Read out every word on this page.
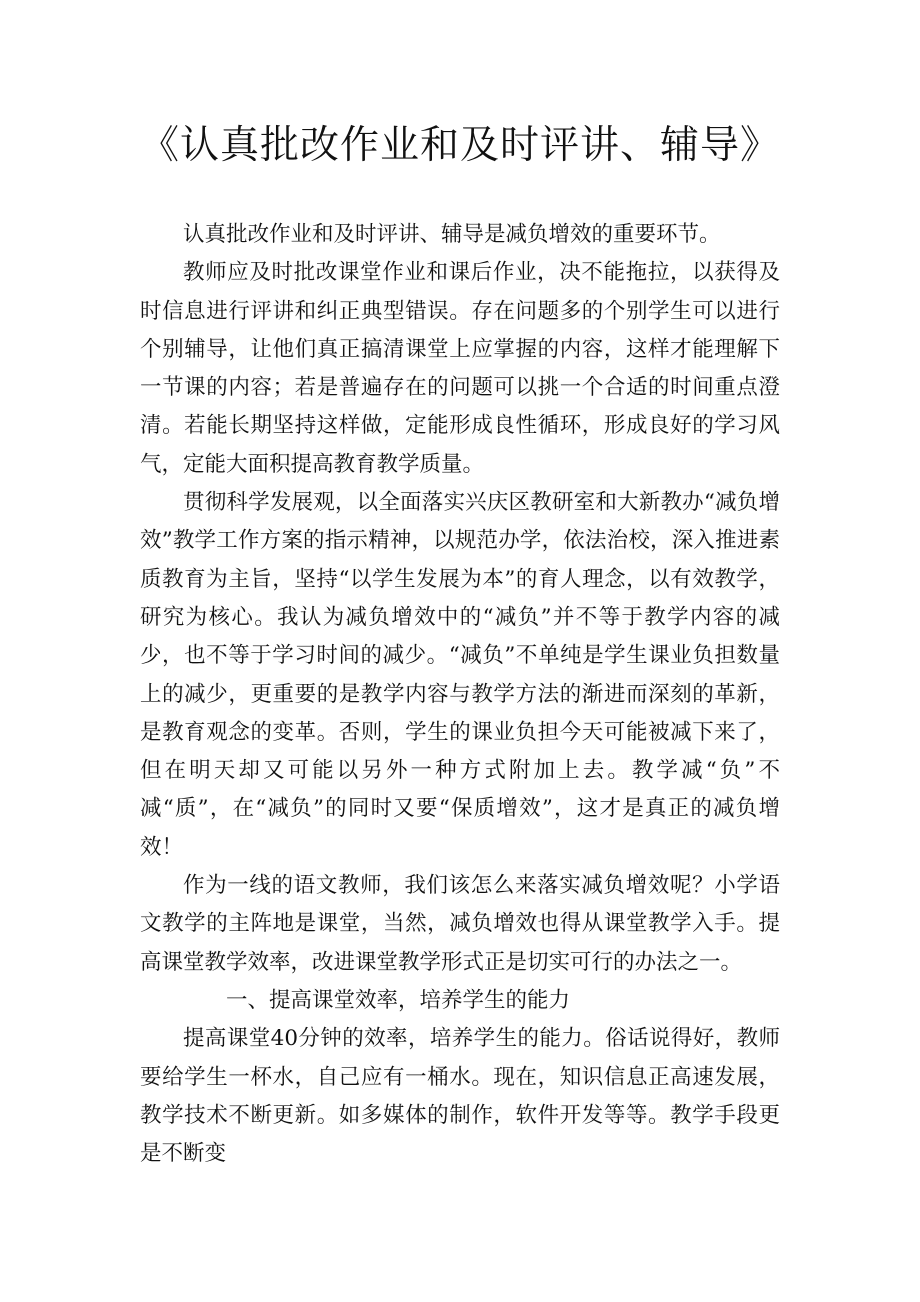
《认真批改作业和及时评讲、辅导》

认真批改作业和及时评讲、辅导是减负增效的重要环节。

教师应及时批改课堂作业和课后作业，决不能拖拉，以获得及时信息进行评讲和纠正典型错误。存在问题多的个别学生可以进行个别辅导，让他们真正搞清课堂上应掌握的内容，这样才能理解下一节课的内容；若是普遍存在的问题可以挑一个合适的时间重点澄清。若能长期坚持这样做，定能形成良性循环，形成良好的学习风气，定能大面积提高教育教学质量。

贯彻科学发展观，以全面落实兴庆区教研室和大新教办“减负增效”教学工作方案的指示精神，以规范办学，依法治校，深入推进素质教育为主旨，坚持“以学生发展为本”的育人理念，以有效教学，研究为核心。我认为减负增效中的“减负”并不等于教学内容的减少，也不等于学习时间的减少。“减负”不单纯是学生课业负担数量上的减少，更重要的是教学内容与教学方法的渐进而深刻的革新，是教育观念的变革。否则，学生的课业负担今天可能被减下来了，但在明天却又可能以另外一种方式附加上去。教学减“负”不减“质”，在“减负”的同时又要“保质增效”，这才是真正的减负增效！

作为一线的语文教师，我们该怎么来落实减负增效呢？小学语文教学的主阵地是课堂，当然，减负增效也得从课堂教学入手。提高课堂教学效率，改进课堂教学形式正是切实可行的办法之一。

一、提高课堂效率，培养学生的能力

提高课堂40分钟的效率，培养学生的能力。俗话说得好，教师要给学生一杯水，自己应有一桶水。现在，知识信息正高速发展，教学技术不断更新。如多媒体的制作，软件开发等等。教学手段更是不断变
